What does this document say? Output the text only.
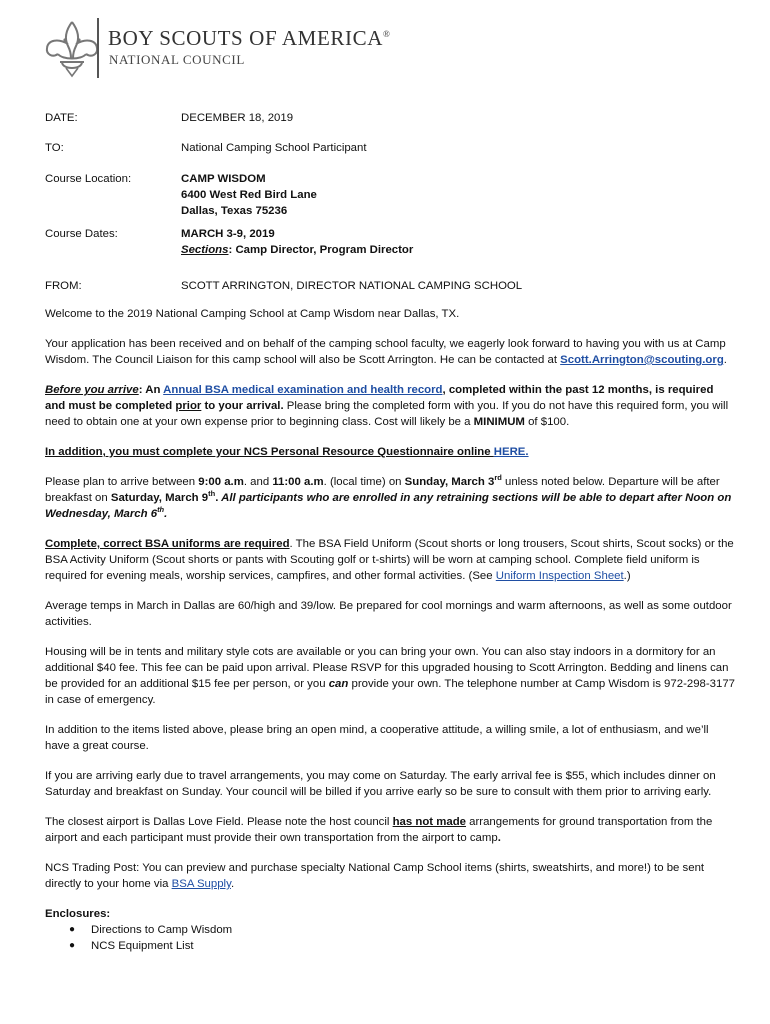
BOY SCOUTS OF AMERICA®
NATIONAL COUNCIL
DATE:	DECEMBER 18, 2019
TO:	National Camping School Participant
Course Location:	CAMP WISDOM
6400 West Red Bird Lane
Dallas, Texas 75236
Course Dates:	MARCH 3-9, 2019
Sections: Camp Director, Program Director
FROM:	SCOTT ARRINGTON, DIRECTOR NATIONAL CAMPING SCHOOL

Welcome to the 2019 National Camping School at Camp Wisdom near Dallas, TX.

Your application has been received and on behalf of the camping school faculty, we eagerly look forward to having you with us at Camp Wisdom. The Council Liaison for this camp school will also be Scott Arrington. He can be contacted at Scott.Arrington@scouting.org.

Before you arrive: An Annual BSA medical examination and health record, completed within the past 12 months, is required and must be completed prior to your arrival. Please bring the completed form with you. If you do not have this required form, you will need to obtain one at your own expense prior to beginning class. Cost will likely be a MINIMUM of $100.

In addition, you must complete your NCS Personal Resource Questionnaire online HERE.

Please plan to arrive between 9:00 a.m. and 11:00 a.m. (local time) on Sunday, March 3rd unless noted below. Departure will be after breakfast on Saturday, March 9th. All participants who are enrolled in any retraining sections will be able to depart after Noon on Wednesday, March 6th.

Complete, correct BSA uniforms are required. The BSA Field Uniform (Scout shorts or long trousers, Scout shirts, Scout socks) or the BSA Activity Uniform (Scout shorts or pants with Scouting golf or t-shirts) will be worn at camping school. Complete field uniform is required for evening meals, worship services, campfires, and other formal activities. (See Uniform Inspection Sheet.)

Average temps in March in Dallas are 60/high and 39/low. Be prepared for cool mornings and warm afternoons, as well as some outdoor activities.

Housing will be in tents and military style cots are available or you can bring your own. You can also stay indoors in a dormitory for an additional $40 fee. This fee can be paid upon arrival. Please RSVP for this upgraded housing to Scott Arrington. Bedding and linens can be provided for an additional $15 fee per person, or you can provide your own. The telephone number at Camp Wisdom is 972-298-3177 in case of emergency.

In addition to the items listed above, please bring an open mind, a cooperative attitude, a willing smile, a lot of enthusiasm, and we’ll have a great course.

If you are arriving early due to travel arrangements, you may come on Saturday. The early arrival fee is $55, which includes dinner on Saturday and breakfast on Sunday. Your council will be billed if you arrive early so be sure to consult with them prior to arriving early.

The closest airport is Dallas Love Field. Please note the host council has not made arrangements for ground transportation from the airport and each participant must provide their own transportation from the airport to camp.

NCS Trading Post: You can preview and purchase specialty National Camp School items (shirts, sweatshirts, and more!) to be sent directly to your home via BSA Supply.

Enclosures:
● Directions to Camp Wisdom
● NCS Equipment List
